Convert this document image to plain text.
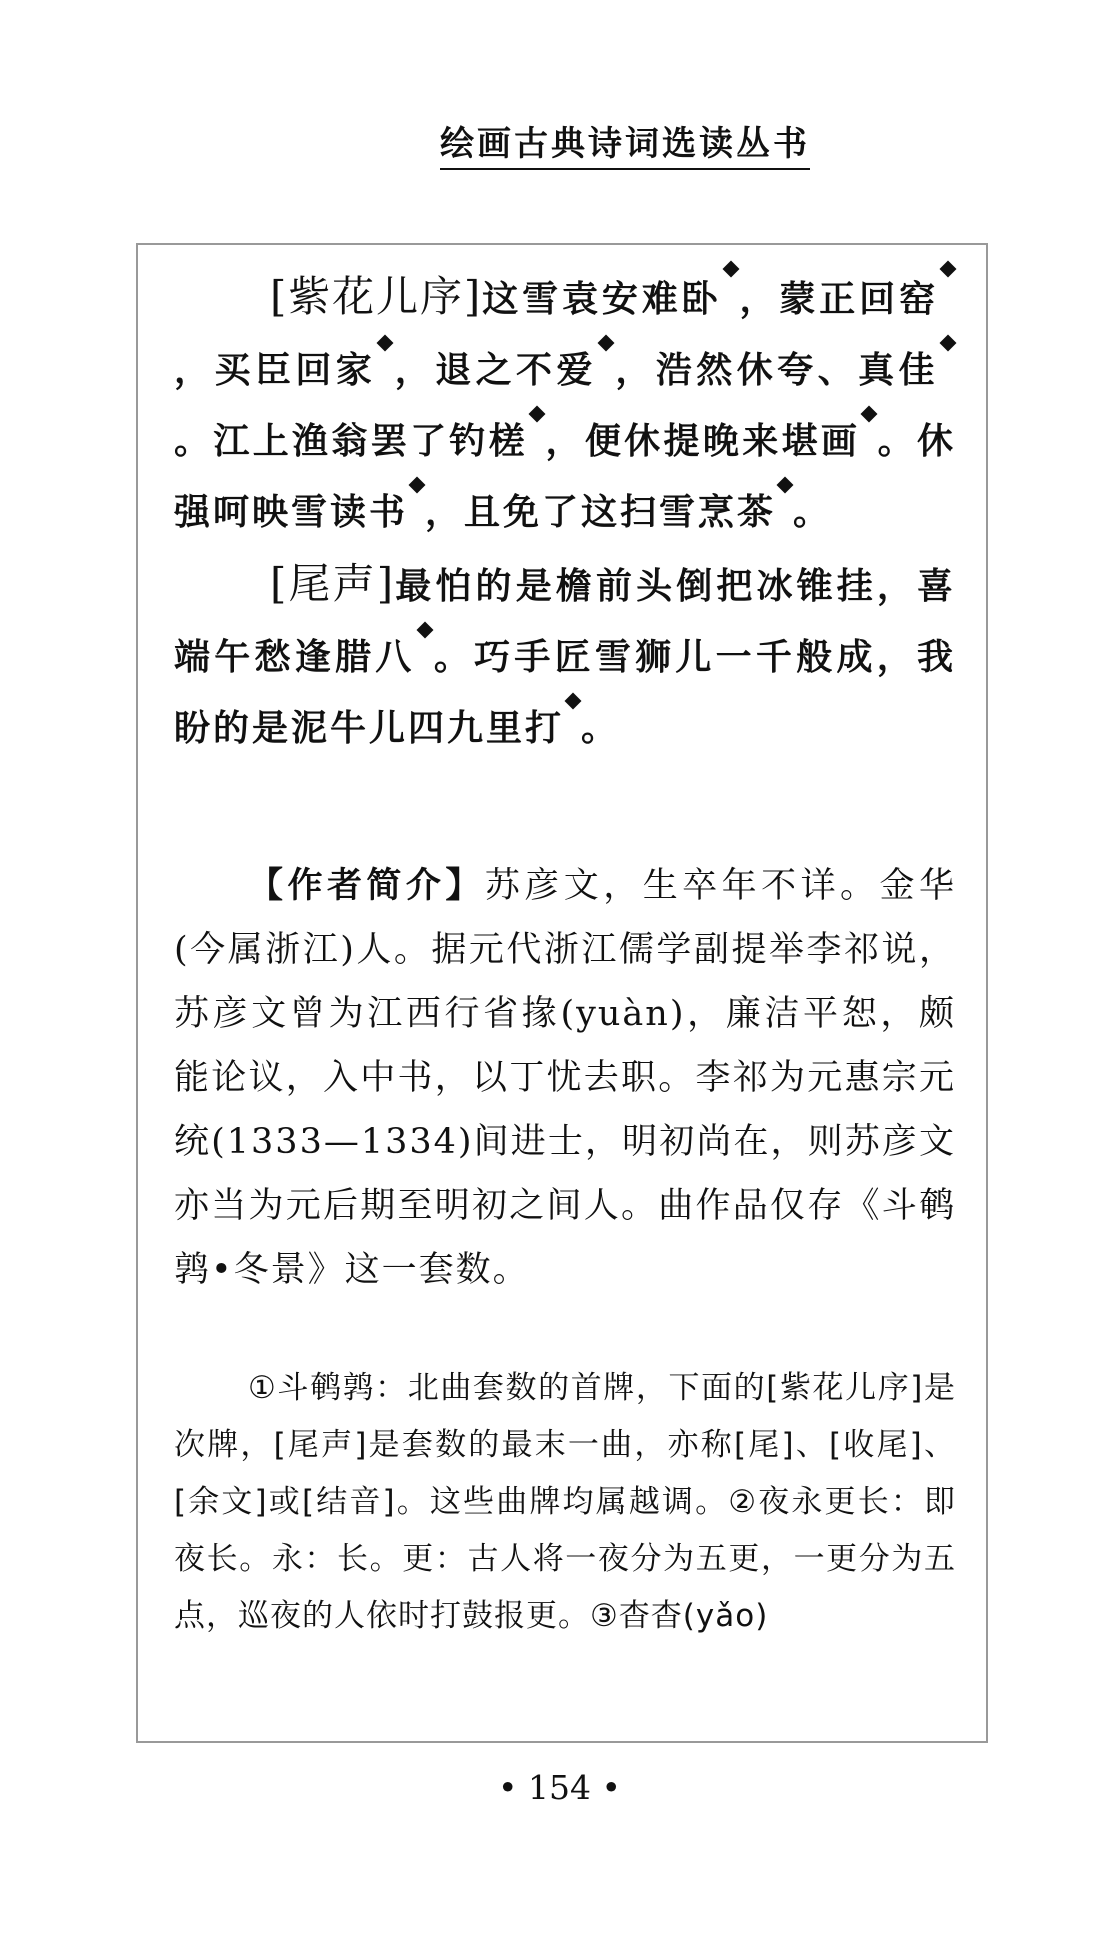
绘画古典诗词选读丛书

[紫花儿序]这雪袁安难卧 ，蒙正回窑，买臣回家 ，退之不爱 ，浩然休夸、真佳。江上渔翁罢了钓槎 ，便休提晚来堪画 。休强呵映雪读书 ，且免了这扫雪烹茶 。

[尾声]最怕的是檐前头倒把冰锥挂，喜端午愁逢腊八 。巧手匠雪狮儿一千般成，我盼的是泥牛儿四九里打 。

【作者简介】苏彦文，生卒年不详。金华(今属浙江)人。据元代浙江儒学副提举李祁说，苏彦文曾为江西行省掾(yuàn)，廉洁平恕，颇能论议，入中书，以丁忧去职。李祁为元惠宗元统(1333—1334)间进士，明初尚在，则苏彦文亦当为元后期至明初之间人。曲作品仅存《斗鹌鹑•冬景》这一套数。

①斗鹌鹑：北曲套数的首牌，下面的[紫花儿序]是次牌，[尾声]是套数的最末一曲，亦称[尾]、[收尾]、[余文]或[结音]。这些曲牌均属越调。②夜永更长：即夜长。永：长。更：古人将一夜分为五更，一更分为五点，巡夜的人依时打鼓报更。③杳杳(yǎo)

• 154 •
